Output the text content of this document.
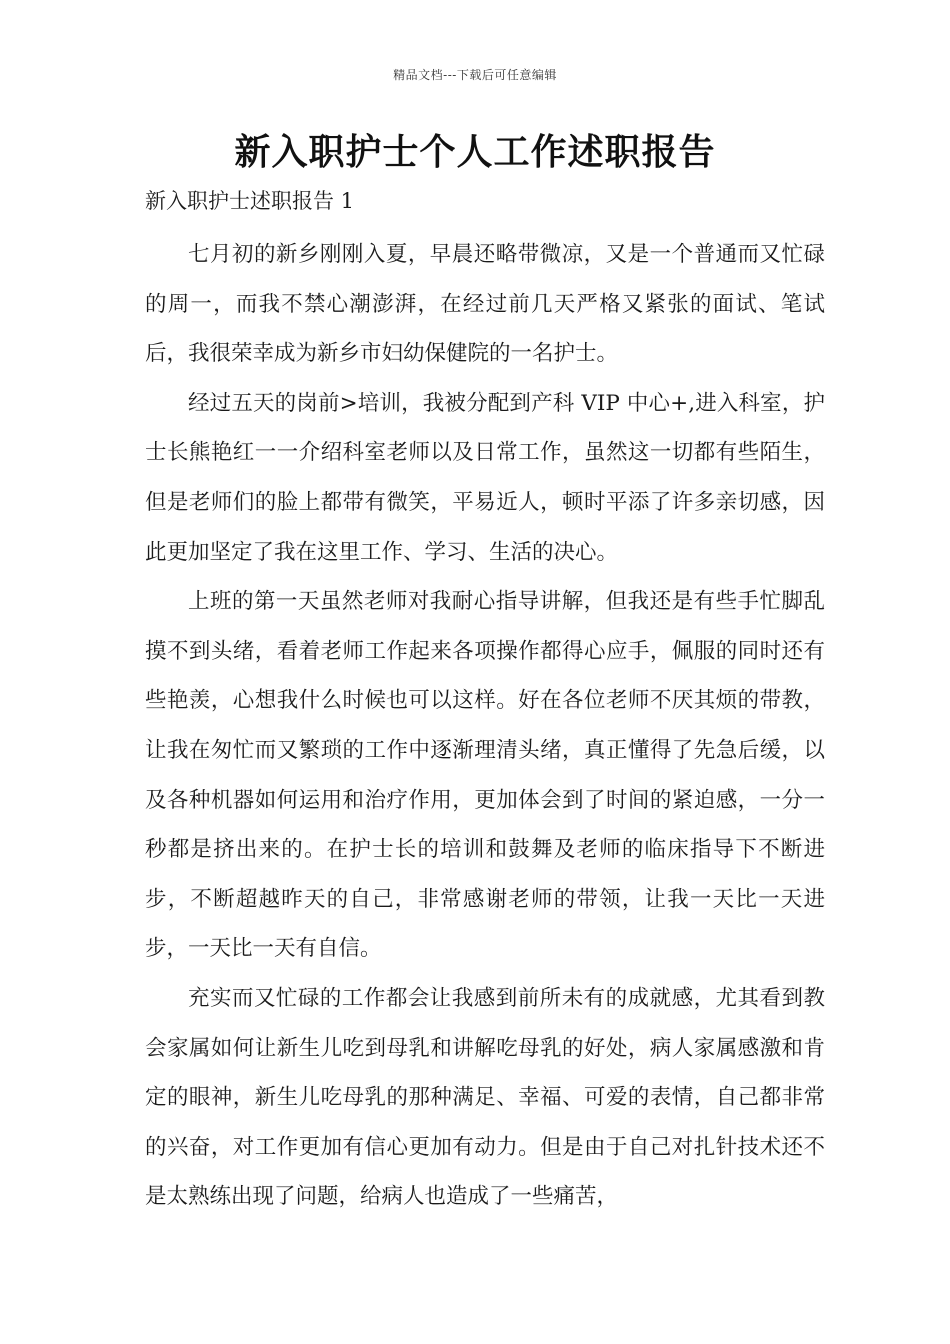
精品文档---下载后可任意编辑
新入职护士个人工作述职报告
新入职护士述职报告 1

七月初的新乡刚刚入夏，早晨还略带微凉，又是一个普通而又忙碌的周一，而我不禁心潮澎湃，在经过前几天严格又紧张的面试、笔试后，我很荣幸成为新乡市妇幼保健院的一名护士。

经过五天的岗前>培训，我被分配到产科 VIP 中心+,进入科室，护士长熊艳红一一介绍科室老师以及日常工作，虽然这一切都有些陌生，但是老师们的脸上都带有微笑，平易近人，顿时平添了许多亲切感，因此更加坚定了我在这里工作、学习、生活的决心。

上班的第一天虽然老师对我耐心指导讲解，但我还是有些手忙脚乱摸不到头绪，看着老师工作起来各项操作都得心应手，佩服的同时还有些艳羡，心想我什么时候也可以这样。好在各位老师不厌其烦的带教，让我在匆忙而又繁琐的工作中逐渐理清头绪，真正懂得了先急后缓，以及各种机器如何运用和治疗作用，更加体会到了时间的紧迫感，一分一秒都是挤出来的。在护士长的培训和鼓舞及老师的临床指导下不断进步，不断超越昨天的自己，非常感谢老师的带领，让我一天比一天进步，一天比一天有自信。

充实而又忙碌的工作都会让我感到前所未有的成就感，尤其看到教会家属如何让新生儿吃到母乳和讲解吃母乳的好处，病人家属感激和肯定的眼神，新生儿吃母乳的那种满足、幸福、可爱的表情，自己都非常的兴奋，对工作更加有信心更加有动力。但是由于自己对扎针技术还不是太熟练出现了问题，给病人也造成了一些痛苦，
